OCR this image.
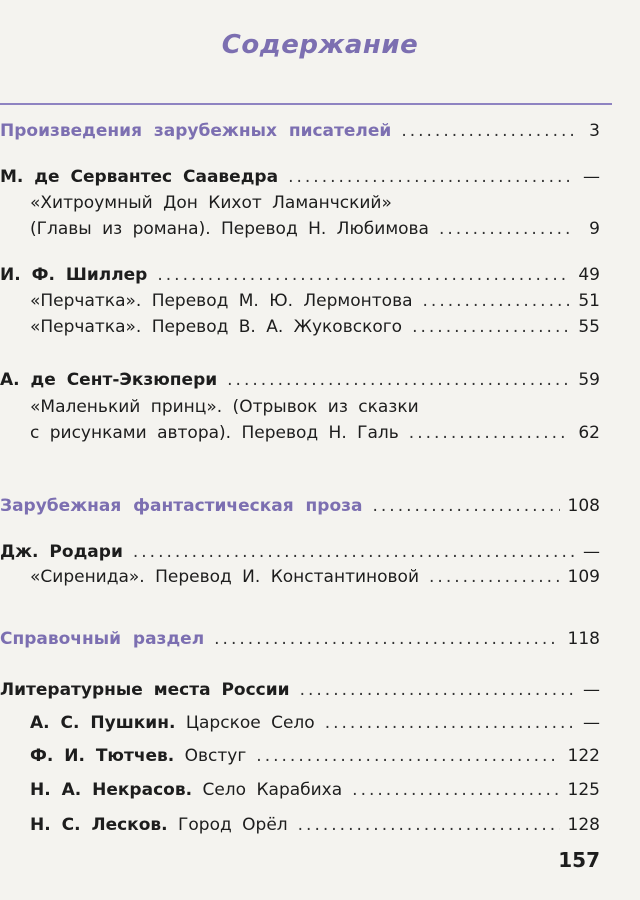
Содержание
Произведения зарубежных писателей .....	3
М. де Сервантес Сааведра .....	—
«Хитроумный Дон Кихот Ламанчский»
(Главы из романа). Перевод Н. Любимова .....	9
И. Ф. Шиллер .....	49
«Перчатка». Перевод М. Ю. Лермонтова .....	51
«Перчатка». Перевод В. А. Жуковского .....	55
А. де Сент-Экзюпери .....	59
«Маленький принц». (Отрывок из сказки
с рисунками автора). Перевод Н. Галь .....	62
Зарубежная фантастическая проза .....	108
Дж. Родари .....	—
«Сиренида». Перевод И. Константиновой .....	109
Справочный раздел .....	118
Литературные места России .....	—
А. С. Пушкин. Царское Село .....	—
Ф. И. Тютчев. Овстуг .....	122
Н. А. Некрасов. Село Карабиха .....	125
Н. С. Лесков. Город Орёл .....	128
157
